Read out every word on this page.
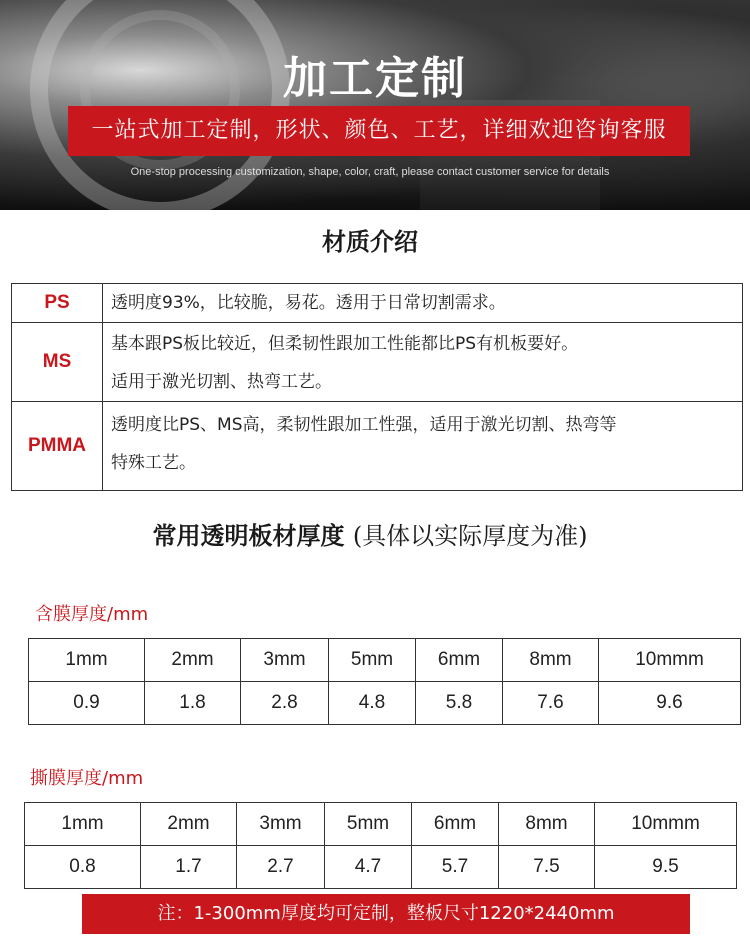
加工定制
一站式加工定制，形状、颜色、工艺，详细欢迎咨询客服
One-stop processing customization, shape, color, craft, please contact customer service for details
材质介绍
PS	透明度93%，比较脆，易花。透用于日常切割需求。

MS	基本跟PS板比较近，但柔韧性跟加工性能都比PS有机板要好。
适用于激光切割、热弯工艺。

PMMA	透明度比PS、MS高，柔韧性跟加工性强，适用于激光切割、热弯等
特殊工艺。
常用透明板材厚度 (具体以实际厚度为准)
含膜厚度/mm
1mm	2mm	3mm	5mm	6mm	8mm	10mmm
0.9	1.8	2.8	4.8	5.8	7.6	9.6
撕膜厚度/mm
1mm	2mm	3mm	5mm	6mm	8mm	10mmm
0.8	1.7	2.7	4.7	5.7	7.5	9.5
注：1-300mm厚度均可定制，整板尺寸1220*2440mm
